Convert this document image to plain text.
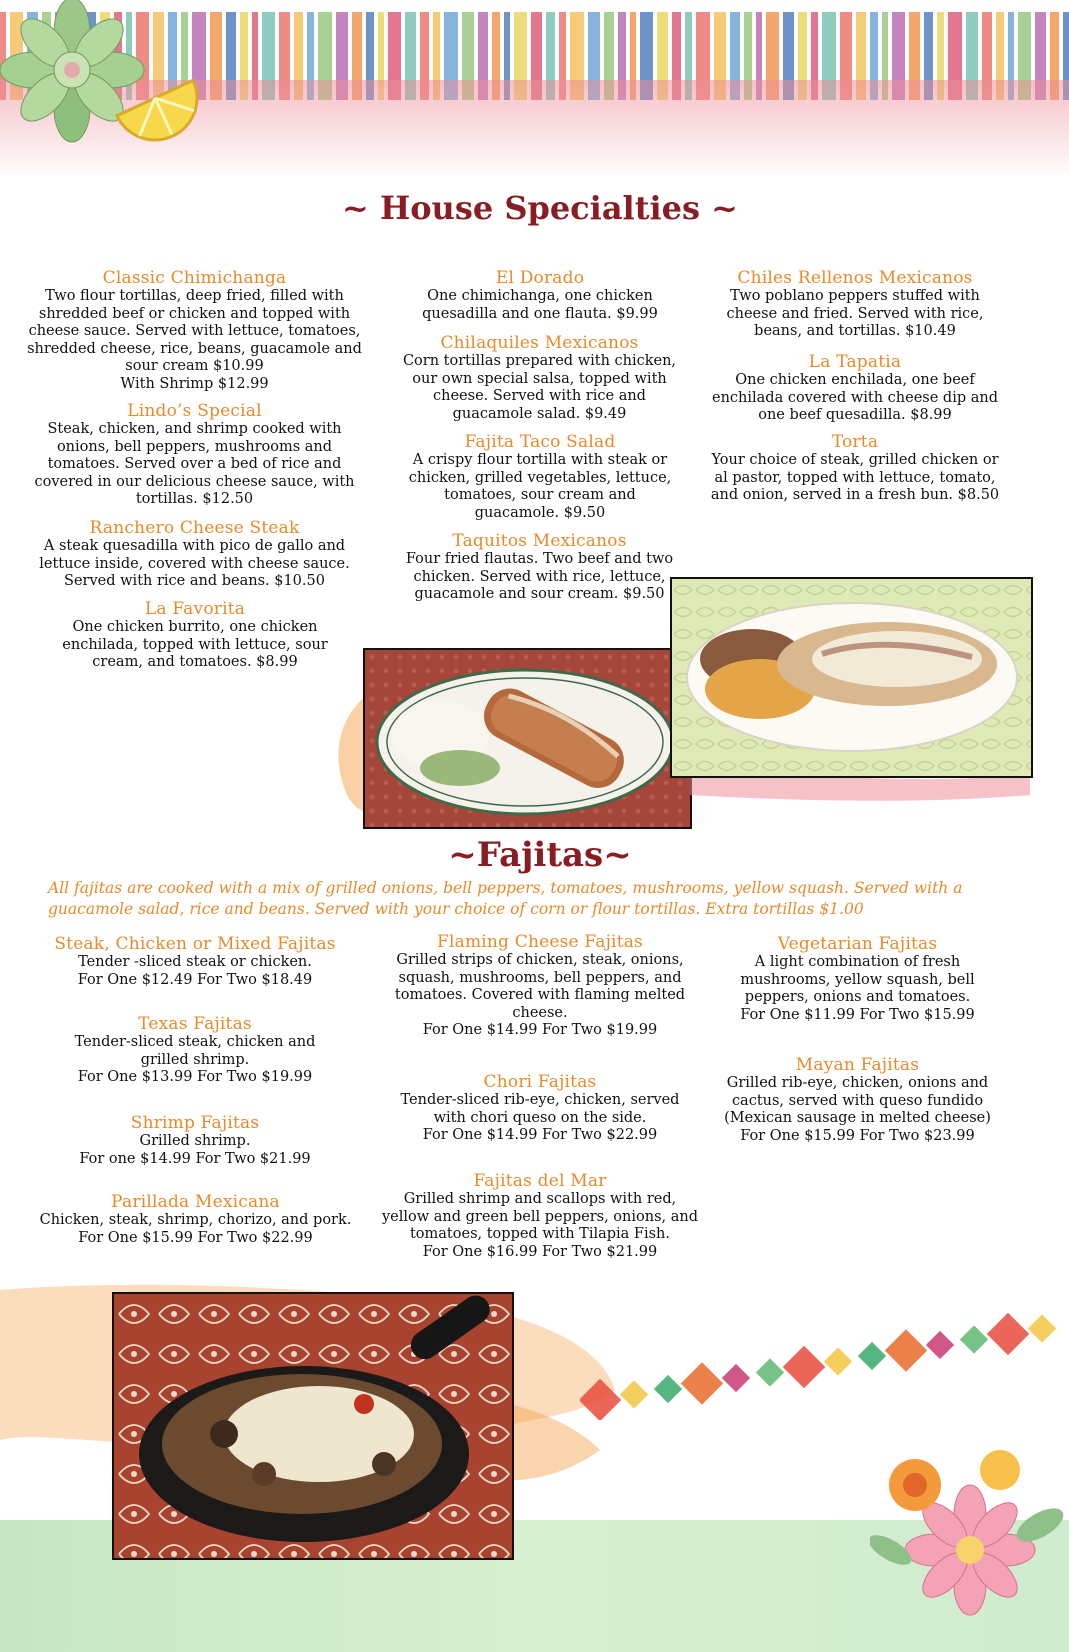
~ House Specialties ~
Classic Chimichanga
Two flour tortillas, deep fried, filled with shredded beef or chicken and topped with cheese sauce. Served with lettuce, tomatoes, shredded cheese, rice, beans, guacamole and sour cream $10.99
With Shrimp $12.99
Lindo’s Special
Steak, chicken, and shrimp cooked with onions, bell peppers, mushrooms and tomatoes. Served over a bed of rice and covered in our delicious cheese sauce, with tortillas. $12.50
Ranchero Cheese Steak
A steak quesadilla with pico de gallo and lettuce inside, covered with cheese sauce. Served with rice and beans. $10.50
La Favorita
One chicken burrito, one chicken enchilada, topped with lettuce, sour cream, and tomatoes. $8.99
El Dorado
One chimichanga, one chicken quesadilla and one flauta. $9.99
Chilaquiles Mexicanos
Corn tortillas prepared with chicken, our own special salsa, topped with cheese. Served with rice and guacamole salad. $9.49
Fajita Taco Salad
A crispy flour tortilla with steak or chicken, grilled vegetables, lettuce, tomatoes, sour cream and guacamole. $9.50
Taquitos Mexicanos
Four fried flautas. Two beef and two chicken. Served with rice, lettuce, guacamole and sour cream. $9.50
Chiles Rellenos Mexicanos
Two poblano peppers stuffed with cheese and fried. Served with rice, beans, and tortillas. $10.49
La Tapatia
One chicken enchilada, one beef enchilada covered with cheese dip and one beef quesadilla. $8.99
Torta
Your choice of steak, grilled chicken or al pastor, topped with lettuce, tomato, and onion, served in a fresh bun. $8.50
~Fajitas~
All fajitas are cooked with a mix of grilled onions, bell peppers, tomatoes, mushrooms, yellow squash. Served with a guacamole salad, rice and beans. Served with your choice of corn or flour tortillas. Extra tortillas $1.00
Steak, Chicken or Mixed Fajitas
Tender -sliced steak or chicken.
For One $12.49 For Two $18.49
Texas Fajitas
Tender-sliced steak, chicken and grilled shrimp.
For One $13.99 For Two $19.99
Shrimp Fajitas
Grilled shrimp.
For one $14.99 For Two $21.99
Parillada Mexicana
Chicken, steak, shrimp, chorizo, and pork.
For One $15.99 For Two $22.99
Flaming Cheese Fajitas
Grilled strips of chicken, steak, onions, squash, mushrooms, bell peppers, and tomatoes. Covered with flaming melted cheese.
For One $14.99 For Two $19.99
Chori Fajitas
Tender-sliced rib-eye, chicken, served with chori queso on the side.
For One $14.99 For Two $22.99
Fajitas del Mar
Grilled shrimp and scallops with red, yellow and green bell peppers, onions, and tomatoes, topped with Tilapia Fish.
For One $16.99 For Two $21.99
Vegetarian Fajitas
A light combination of fresh mushrooms, yellow squash, bell peppers, onions and tomatoes.
For One $11.99 For Two $15.99
Mayan Fajitas
Grilled rib-eye, chicken, onions and cactus, served with queso fundido (Mexican sausage in melted cheese)
For One $15.99 For Two $23.99
